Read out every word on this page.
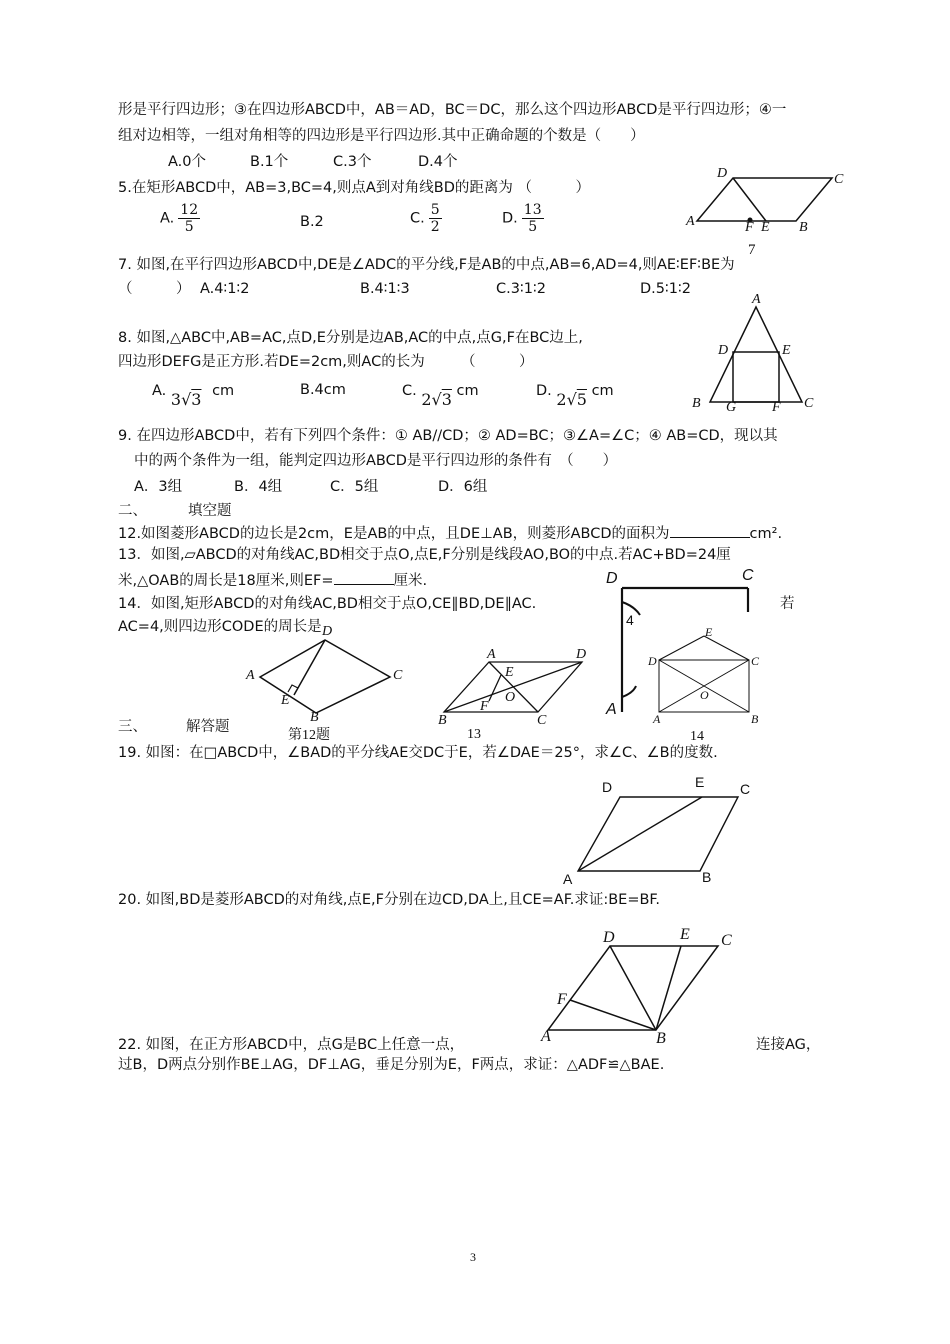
形是平行四边形；③在四边形ABCD中，AB＝AD，BC＝DC，那么这个四边形ABCD是平行四边形；④一
组对边相等，一组对角相等的四边形是平行四边形.其中正确命题的个数是（　　）
A.0个	B.1个	C.3个	D.4个
5.在矩形ABCD中，AB=3,BC=4,则点A到对角线BD的距离为 （　　　）
A. $\frac{12}{5}$	B.2	C. $\frac{5}{2}$	D. $\frac{13}{5}$
D	C
A	F E B
7. 如图,在平行四边形ABCD中,DE是∠ADC的平分线,F是AB的中点,AB=6,AD=4,则AE∶EF∶BE为
7
（　　　） A.4∶1∶2	B.4∶1∶3	C.3∶1∶2	D.5∶1∶2
A
D	E
B G	F C
8. 如图,△ABC中,AB=AC,点D,E分别是边AB,AC的中点,点G,F在BC边上,
四边形DEFG是正方形.若DE=2cm,则AC的长为　　　（　　　）
A. 3√3 cm	B.4cm	C. 2√3 cm	D. 2√5 cm
9. 在四边形ABCD中，若有下列四个条件：① AB//CD；② AD=BC；③∠A=∠C；④ AB=CD，现以其
中的两个条件为一组，能判定四边形ABCD是平行四边形的条件有　（　　）
A．3组	B．4组	C．5组	D．6组
二、	填空题
12.如图菱形ABCD的边长是2cm，E是AB的中点，且DE⊥AB，则菱形ABCD的面积为	cm².
13．如图,▱ABCD的对角线AC,BD相交于点O,点E,F分别是线段AO,BO的中点.若AC+BD=24厘
米,△OAB的周长是18厘米,则EF=	厘米.
14．如图,矩形ABCD的对角线AC,BD相交于点O,CE∥BD,DE∥AC.	若
AC=4,则四边形CODE的周长是
D	C
A
4
D
A	C
E
B
第12题
A	D
E
O
F
B	C
13
E
D	C
O
A	B
14
三、	解答题
19. 如图：在□ABCD中，∠BAD的平分线AE交DC于E，若∠DAE＝25°，求∠C、∠B的度数.
D	E	C
A	B
20. 如图,BD是菱形ABCD的对角线,点E,F分别在边CD,DA上,且CE=AF.求证:BE=BF.
D	E C
F
A	B
22. 如图，在正方形ABCD中，点G是BC上任意一点，	连接AG，
过B，D两点分别作BE⊥AG，DF⊥AG，垂足分别为E，F两点，求证：△ADF≌△BAE.
3
